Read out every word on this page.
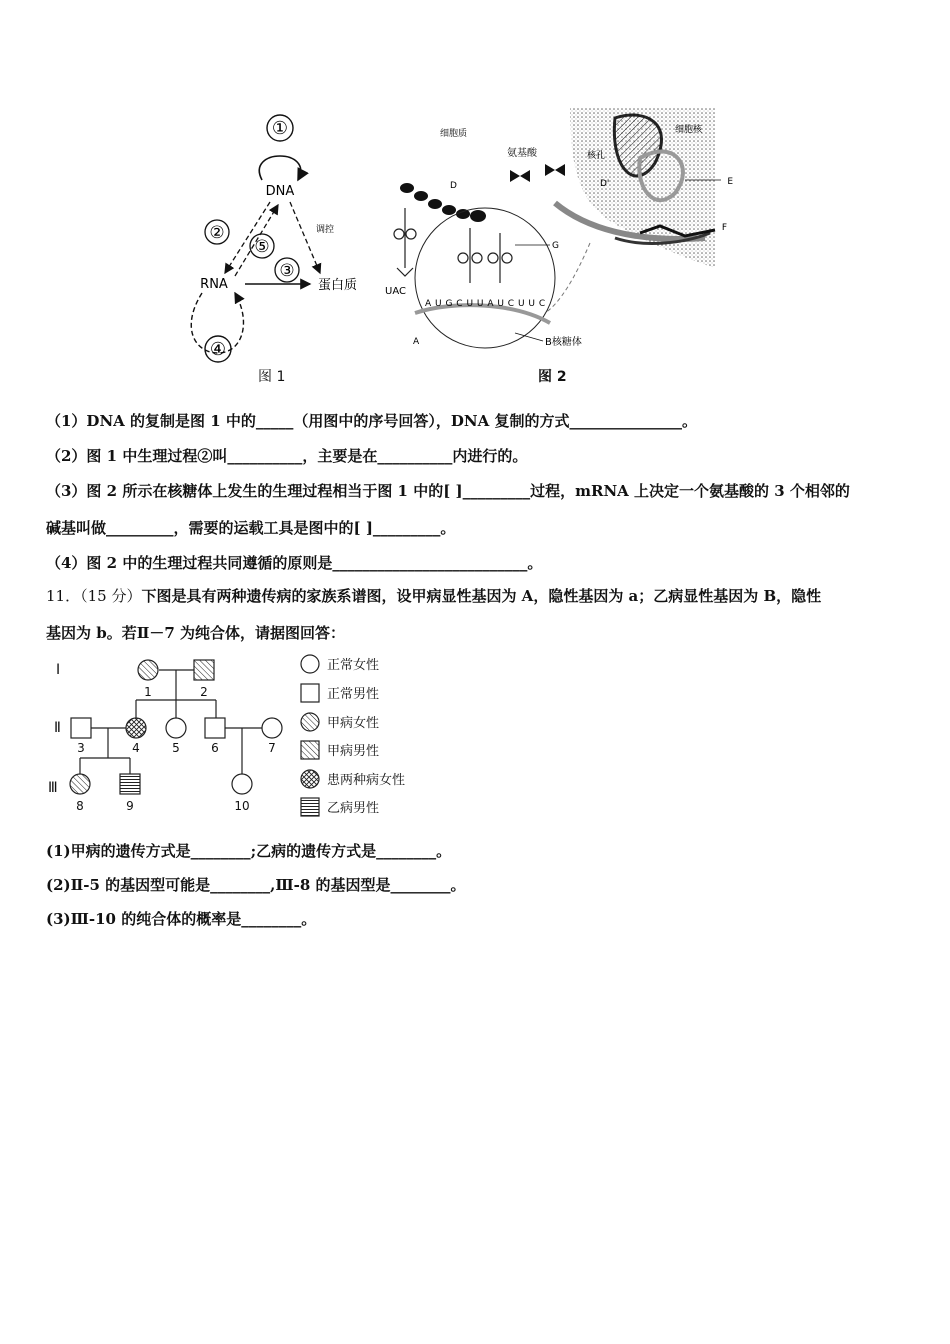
①
DNA
调控
②
⑤
③
RNA	蛋白质
④
图 1
细胞质	细胞核
氨基酸	核孔
D'	E
F
D
UAC
G
A U G C U U A U C U U C
A	B核糖体
图 2
（1）DNA 的复制是图 1 中的_____（用图中的序号回答），DNA 复制的方式_______________。
（2）图 1 中生理过程②叫__________，主要是在__________内进行的。
（3）图 2 所示在核糖体上发生的生理过程相当于图 1 中的[ ]_________过程，mRNA 上决定一个氨基酸的 3 个相邻的
碱基叫做_________，需要的运载工具是图中的[ ]_________。
（4）图 2 中的生理过程共同遵循的原则是__________________________。
11．（15 分）下图是具有两种遗传病的家族系谱图，设甲病显性基因为 A，隐性基因为 a；乙病显性基因为 B，隐性
基因为 b。若Ⅱ－7 为纯合体，请据图回答：
Ⅰ
Ⅱ
Ⅲ
1	2
3	4	5	6	7
8	9	10
正常女性
正常男性
甲病女性
甲病男性
患两种病女性
乙病男性
(1)甲病的遗传方式是________;乙病的遗传方式是________。
(2)Ⅱ-5 的基因型可能是________,Ⅲ-8 的基因型是________。
(3)Ⅲ-10 的纯合体的概率是________。
